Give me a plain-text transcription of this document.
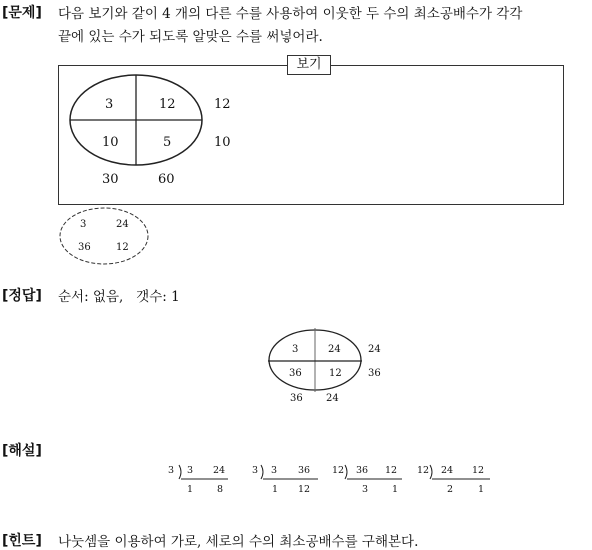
[문제] 다음 보기와 같이 4 개의 다른 수를 사용하여 이웃한 두 수의 최소공배수가 각각
끝에 있는 수가 되도록 알맞은 수를 써넣어라.
보기
3	12
10	5
12
10
30	60
3	24
36	12
[정답] 순서: 없음,   갯수: 1
3	24
36	12
24
36
36 24
[해설]
3 3 24
1	8
3 3 36
1 12
12 36 12
3	1
12 24 12
2	1
[힌트] 나눗셈을 이용하여 가로, 세로의 수의 최소공배수를 구해본다.
